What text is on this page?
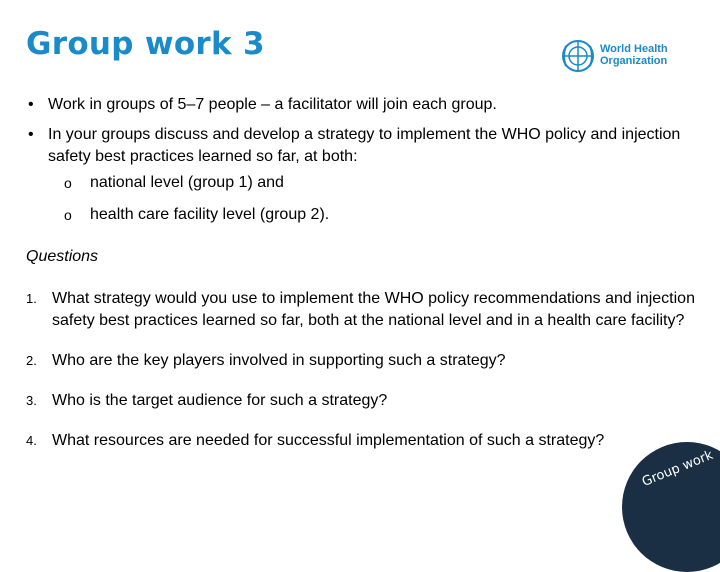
Group work 3	World Health
Organization
• Work in groups of 5–7 people – a facilitator will join each group.
• In your groups discuss and develop a strategy to implement the WHO policy and injection safety best practices learned so far, at both:
o national level (group 1) and
o health care facility level (group 2).
Questions
1. What strategy would you use to implement the WHO policy recommendations and injection safety best practices learned so far, both at the national level and in a health care facility?
2. Who are the key players involved in supporting such a strategy?
3. Who is the target audience for such a strategy?
4. What resources are needed for successful implementation of such a strategy?
Group work
